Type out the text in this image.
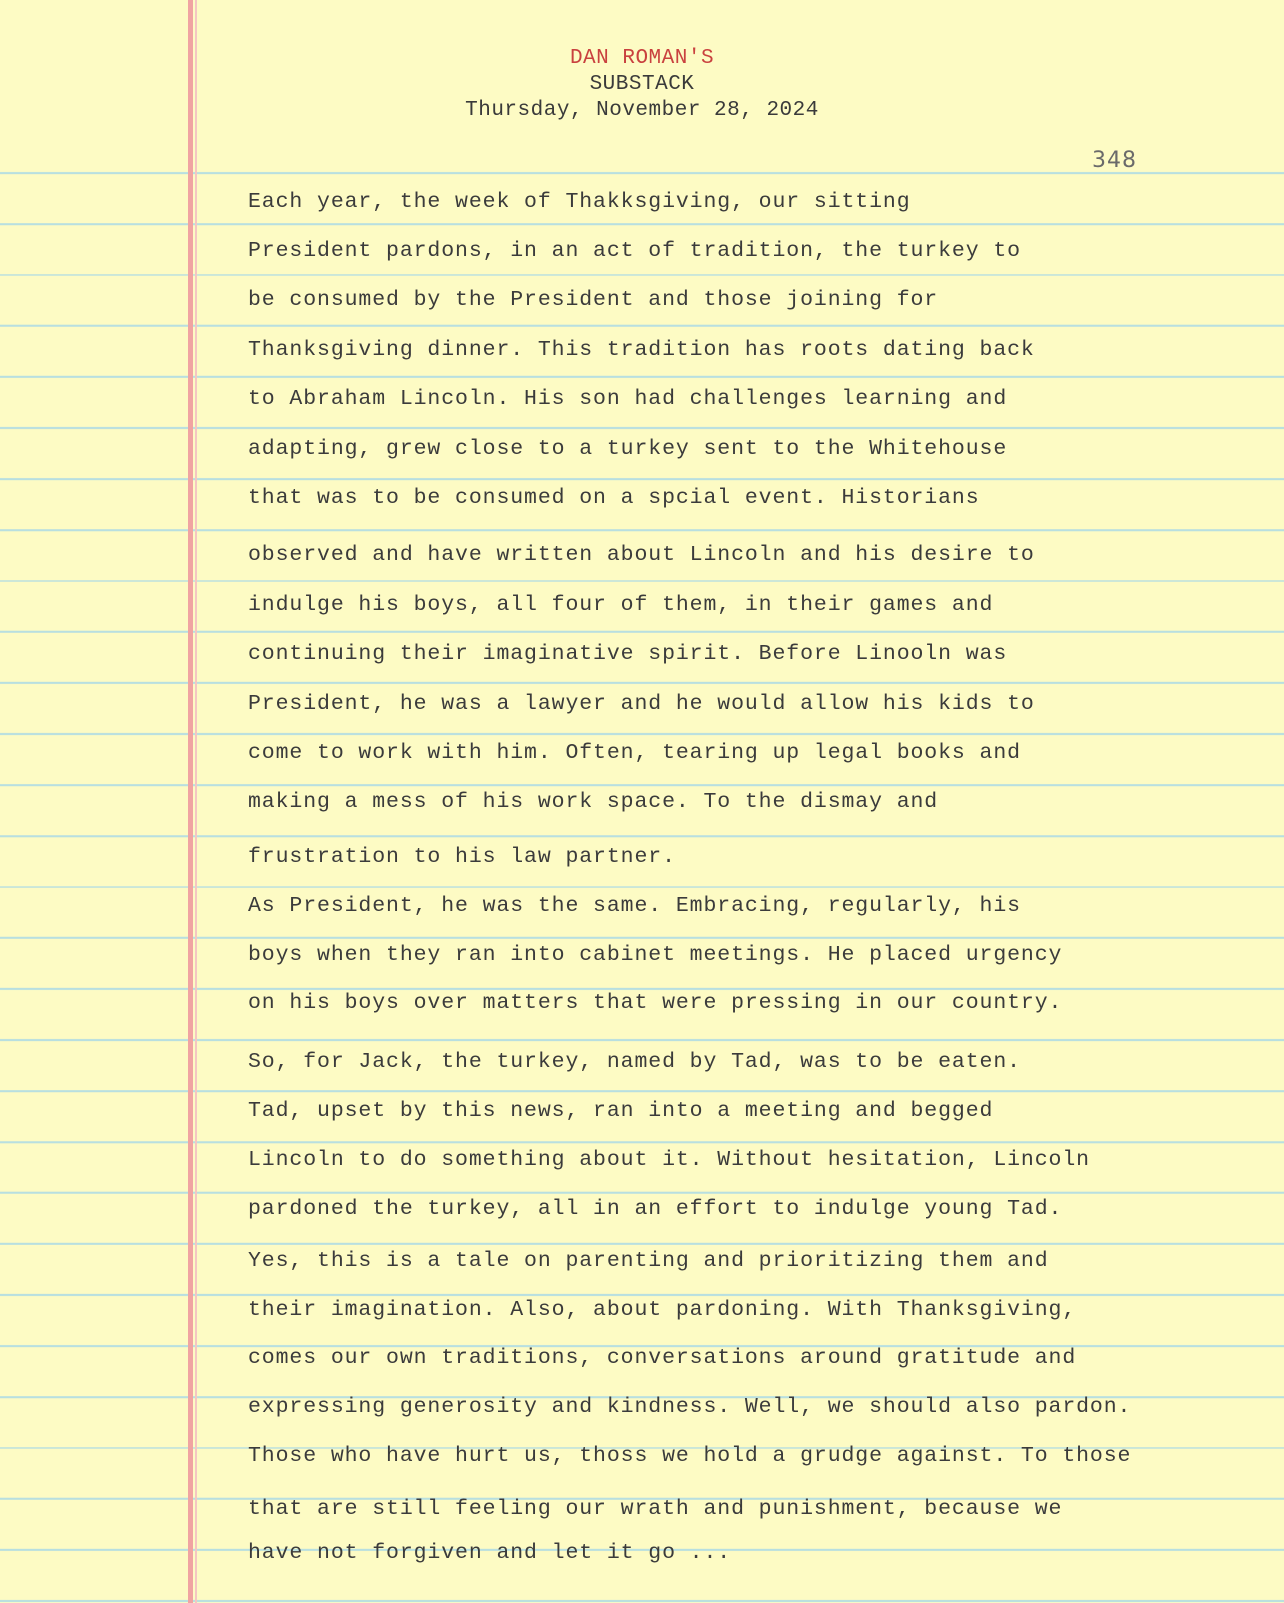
DAN ROMAN'S
SUBSTACK
Thursday, November 28, 2024
348
Each year, the week of Thakksgiving, our sitting
President pardons, in an act of tradition, the turkey to
be consumed by the President and those joining for
Thanksgiving dinner. This tradition has roots dating back
to Abraham Lincoln. His son had challenges learning and
adapting, grew close to a turkey sent to the Whitehouse
that was to be consumed on a spcial event. Historians
observed and have written about Lincoln and his desire to
indulge his boys, all four of them, in their games and
continuing their imaginative spirit. Before Linooln was
President, he was a lawyer and he would allow his kids to
come to work with him. Often, tearing up legal books and
making a mess of his work space. To the dismay and
frustration to his law partner.
As President, he was the same. Embracing, regularly, his
boys when they ran into cabinet meetings. He placed urgency
on his boys over matters that were pressing in our country.
So, for Jack, the turkey, named by Tad, was to be eaten.
Tad, upset by this news, ran into a meeting and begged
Lincoln to do something about it. Without hesitation, Lincoln
pardoned the turkey, all in an effort to indulge young Tad.
Yes, this is a tale on parenting and prioritizing them and
their imagination. Also, about pardoning. With Thanksgiving,
comes our own traditions, conversations around gratitude and
expressing generosity and kindness. Well, we should also pardon.
Those who have hurt us, thoss we hold a grudge against. To those
that are still feeling our wrath and punishment, because we
have not forgiven and let it go ...
